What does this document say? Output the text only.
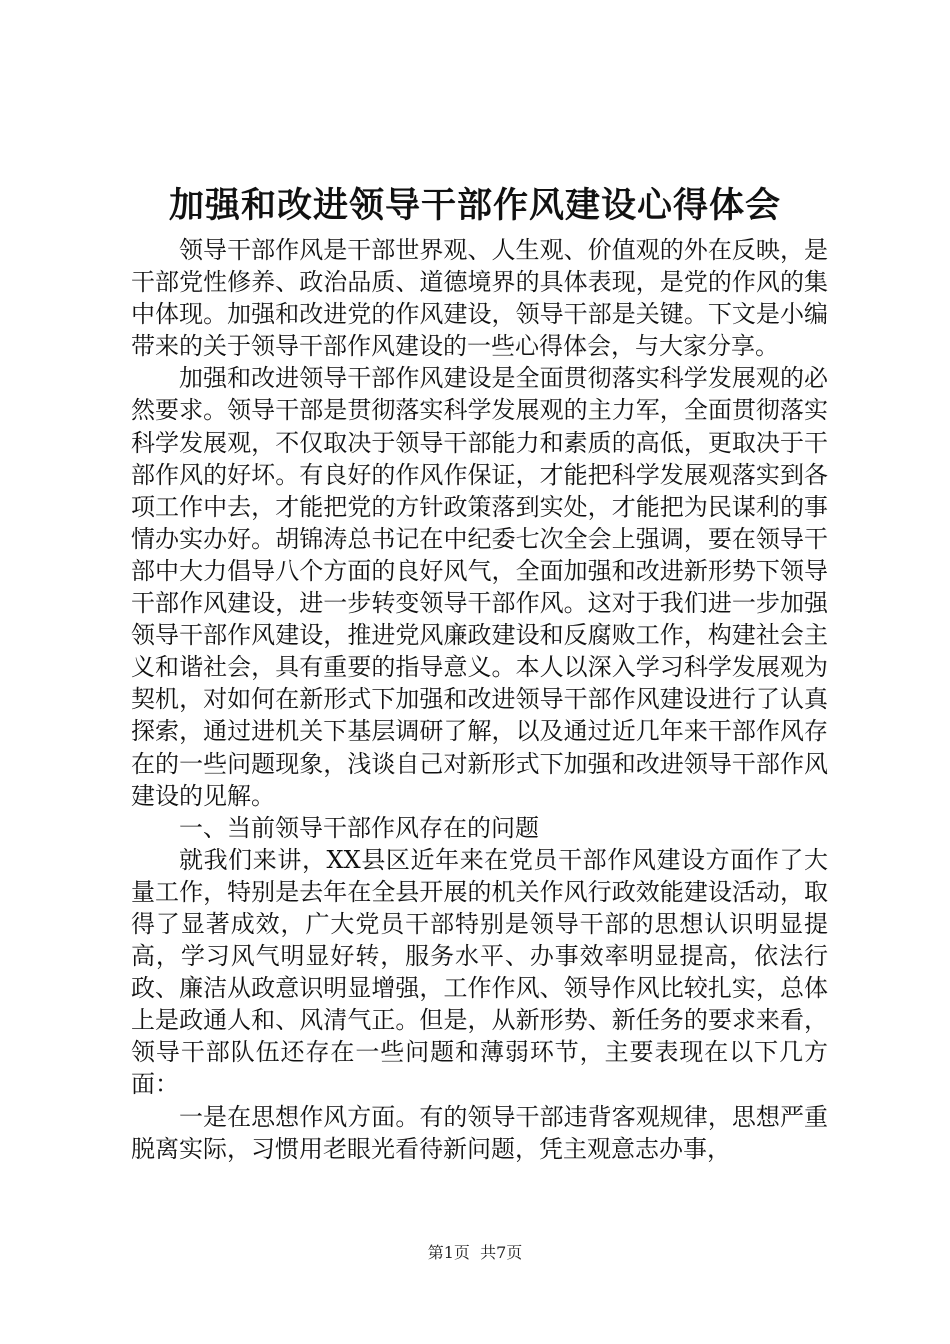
加强和改进领导干部作风建设心得体会

领导干部作风是干部世界观、人生观、价值观的外在反映，是干部党性修养、政治品质、道德境界的具体表现，是党的作风的集中体现。加强和改进党的作风建设，领导干部是关键。下文是小编带来的关于领导干部作风建设的一些心得体会，与大家分享。

加强和改进领导干部作风建设是全面贯彻落实科学发展观的必然要求。领导干部是贯彻落实科学发展观的主力军，全面贯彻落实科学发展观，不仅取决于领导干部能力和素质的高低，更取决于干部作风的好坏。有良好的作风作保证，才能把科学发展观落实到各项工作中去，才能把党的方针政策落到实处，才能把为民谋利的事情办实办好。胡锦涛总书记在中纪委七次全会上强调，要在领导干部中大力倡导八个方面的良好风气，全面加强和改进新形势下领导干部作风建设，进一步转变领导干部作风。这对于我们进一步加强领导干部作风建设，推进党风廉政建设和反腐败工作，构建社会主义和谐社会，具有重要的指导意义。本人以深入学习科学发展观为契机，对如何在新形式下加强和改进领导干部作风建设进行了认真探索，通过进机关下基层调研了解，以及通过近几年来干部作风存在的一些问题现象，浅谈自己对新形式下加强和改进领导干部作风建设的见解。

一、当前领导干部作风存在的问题

就我们来讲，XX县区近年来在党员干部作风建设方面作了大量工作，特别是去年在全县开展的机关作风行政效能建设活动，取得了显著成效，广大党员干部特别是领导干部的思想认识明显提高，学习风气明显好转，服务水平、办事效率明显提高，依法行政、廉洁从政意识明显增强，工作作风、领导作风比较扎实，总体上是政通人和、风清气正。但是，从新形势、新任务的要求来看，领导干部队伍还存在一些问题和薄弱环节，主要表现在以下几方面：

一是在思想作风方面。有的领导干部违背客观规律，思想严重脱离实际，习惯用老眼光看待新问题，凭主观意志办事，

第1页 共7页
